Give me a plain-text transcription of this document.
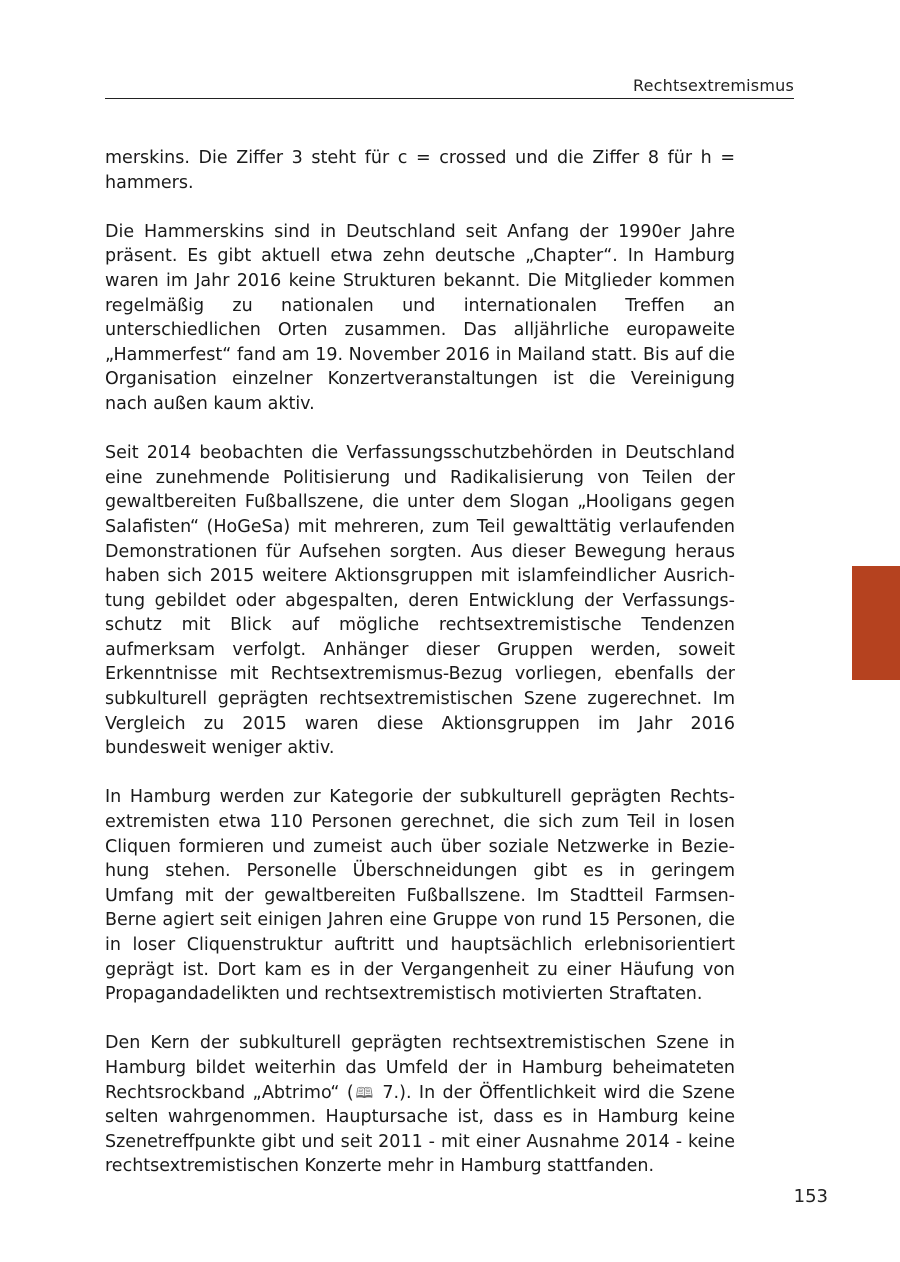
Rechtsextremismus

merskins. Die Ziffer 3 steht für c = crossed und die Ziffer 8 für h = hammers.

Die Hammerskins sind in Deutschland seit Anfang der 1990er Jahre präsent. Es gibt aktuell etwa zehn deutsche „Chapter“. In Hamburg waren im Jahr 2016 keine Strukturen bekannt. Die Mitglieder kommen regelmäßig zu nationalen und internationalen Treffen an unterschiedlichen Orten zusammen. Das alljährliche europaweite „Hammerfest“ fand am 19. November 2016 in Mailand statt. Bis auf die Organisation einzelner Konzertveranstaltungen ist die Vereinigung nach außen kaum aktiv.

Seit 2014 beobachten die Verfassungsschutzbehörden in Deutschland eine zunehmende Politisierung und Radikalisierung von Teilen der gewaltbereiten Fußballszene, die unter dem Slogan „Hooligans gegen Salafisten“ (HoGeSa) mit mehreren, zum Teil gewalttätig verlaufenden Demonstrationen für Aufsehen sorgten. Aus dieser Bewegung heraus haben sich 2015 weitere Aktionsgruppen mit islamfeindlicher Ausrichtung gebildet oder abgespalten, deren Entwicklung der Verfassungsschutz mit Blick auf mögliche rechtsextremistische Tendenzen aufmerksam verfolgt. Anhänger dieser Gruppen werden, soweit Erkenntnisse mit Rechtsextremismus-Bezug vorliegen, ebenfalls der subkulturell geprägten rechtsextremistischen Szene zugerechnet. Im Vergleich zu 2015 waren diese Aktionsgruppen im Jahr 2016 bundesweit weniger aktiv.

In Hamburg werden zur Kategorie der subkulturell geprägten Rechtsextremisten etwa 110 Personen gerechnet, die sich zum Teil in losen Cliquen formieren und zumeist auch über soziale Netzwerke in Beziehung stehen. Personelle Überschneidungen gibt es in geringem Umfang mit der gewaltbereiten Fußballszene. Im Stadtteil Farmsen-Berne agiert seit einigen Jahren eine Gruppe von rund 15 Personen, die in loser Cliquenstruktur auftritt und hauptsächlich erlebnisorientiert geprägt ist. Dort kam es in der Vergangenheit zu einer Häufung von Propagandadelikten und rechtsextremistisch motivierten Straftaten.

Den Kern der subkulturell geprägten rechtsextremistischen Szene in Hamburg bildet weiterhin das Umfeld der in Hamburg beheimateten Rechtsrockband „Abtrimo“ (🕮 7.). In der Öffentlichkeit wird die Szene selten wahrgenommen. Hauptursache ist, dass es in Hamburg keine Szenetreffpunkte gibt und seit 2011 - mit einer Ausnahme 2014 - keine rechtsextremistischen Konzerte mehr in Hamburg stattfanden.

153
